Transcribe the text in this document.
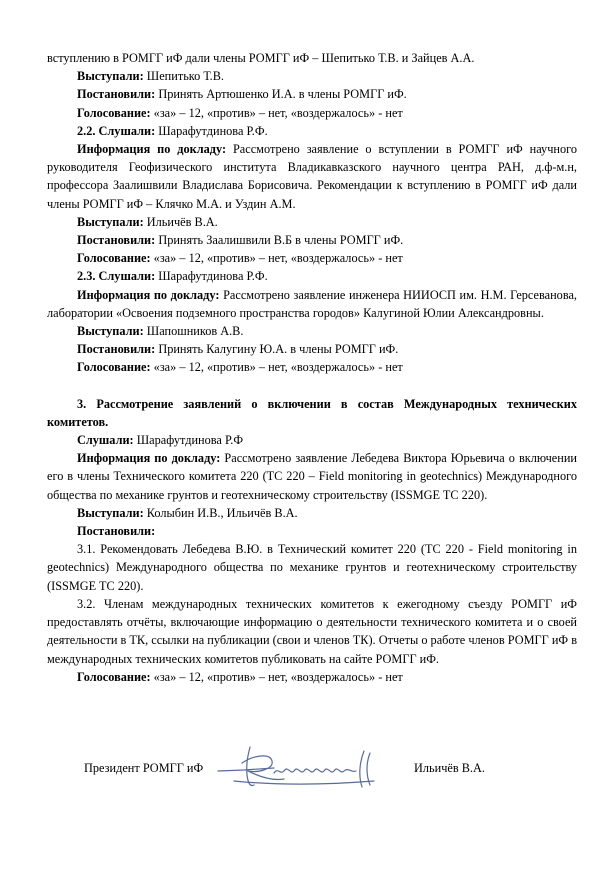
вступлению в РОМГГ иФ дали члены РОМГГ иФ – Шепитько Т.В. и Зайцев А.А.

Выступали: Шепитько Т.В.

Постановили: Принять Артюшенко И.А. в члены РОМГГ иФ.

Голосование: «за» – 12, «против» – нет, «воздержалось» - нет

2.2. Слушали: Шарафутдинова Р.Ф.

Информация по докладу: Рассмотрено заявление о вступлении в РОМГГ иФ научного руководителя Геофизического института Владикавказского научного центра РАН, д.ф-м.н, профессора Заалишвили Владислава Борисовича. Рекомендации к вступлению в РОМГГ иФ дали члены РОМГГ иФ – Клячко М.А. и Уздин А.М.

Выступали: Ильичёв В.А.

Постановили: Принять Заалишвили В.Б в члены РОМГГ иФ.

Голосование: «за» – 12, «против» – нет, «воздержалось» - нет

2.3. Слушали: Шарафутдинова Р.Ф.

Информация по докладу: Рассмотрено заявление инженера НИИОСП им. Н.М. Герсеванова, лаборатории «Освоения подземного пространства городов» Калугиной Юлии Александровны.

Выступали: Шапошников А.В.

Постановили: Принять Калугину Ю.А. в члены РОМГГ иФ.

Голосование: «за» – 12, «против» – нет, «воздержалось» - нет

3. Рассмотрение заявлений о включении в состав Международных технических комитетов.

Слушали: Шарафутдинова Р.Ф

Информация по докладу: Рассмотрено заявление Лебедева Виктора Юрьевича о включении его в члены Технического комитета 220 (ТС 220 – Field monitoring in geotechnics) Международного общества по механике грунтов и геотехническому строительству (ISSMGE TC 220).

Выступали: Колыбин И.В., Ильичёв В.А.

Постановили:

3.1. Рекомендовать Лебедева В.Ю. в Технический комитет 220 (ТС 220 - Field monitoring in geotechnics) Международного общества по механике грунтов и геотехническому строительству (ISSMGE TC 220).

3.2. Членам международных технических комитетов к ежегодному съезду РОМГГ иФ предоставлять отчёты, включающие информацию о деятельности технического комитета и о своей деятельности в ТК, ссылки на публикации (свои и членов ТК). Отчеты о работе членов РОМГГ иФ в международных технических комитетов публиковать на сайте РОМГГ иФ.

Голосование: «за» – 12, «против» – нет, «воздержалось» - нет

Президент РОМГГ иФ	Ильичёв В.А.
